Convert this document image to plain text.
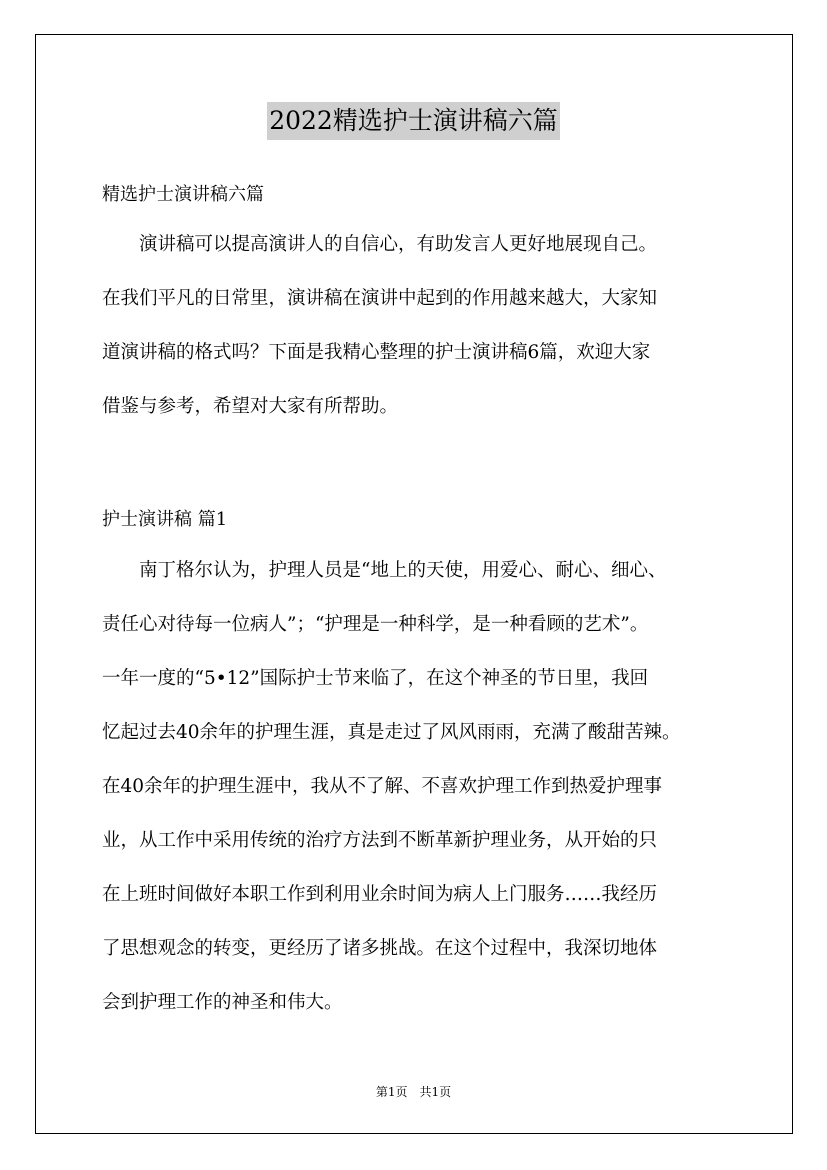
2022精选护士演讲稿六篇
精选护士演讲稿六篇
　　演讲稿可以提高演讲人的自信心，有助发言人更好地展现自己。
在我们平凡的日常里，演讲稿在演讲中起到的作用越来越大，大家知
道演讲稿的格式吗？下面是我精心整理的护士演讲稿6篇，欢迎大家
借鉴与参考，希望对大家有所帮助。
护士演讲稿 篇1
　　南丁格尔认为，护理人员是“地上的天使，用爱心、耐心、细心、
责任心对待每一位病人”；“护理是一种科学，是一种看顾的艺术”。
一年一度的“5•12”国际护士节来临了，在这个神圣的节日里，我回
忆起过去40余年的护理生涯，真是走过了风风雨雨，充满了酸甜苦辣。
在40余年的护理生涯中，我从不了解、不喜欢护理工作到热爱护理事
业，从工作中采用传统的治疗方法到不断革新护理业务，从开始的只
在上班时间做好本职工作到利用业余时间为病人上门服务……我经历
了思想观念的转变，更经历了诸多挑战。在这个过程中，我深切地体
会到护理工作的神圣和伟大。
第1页　共1页
